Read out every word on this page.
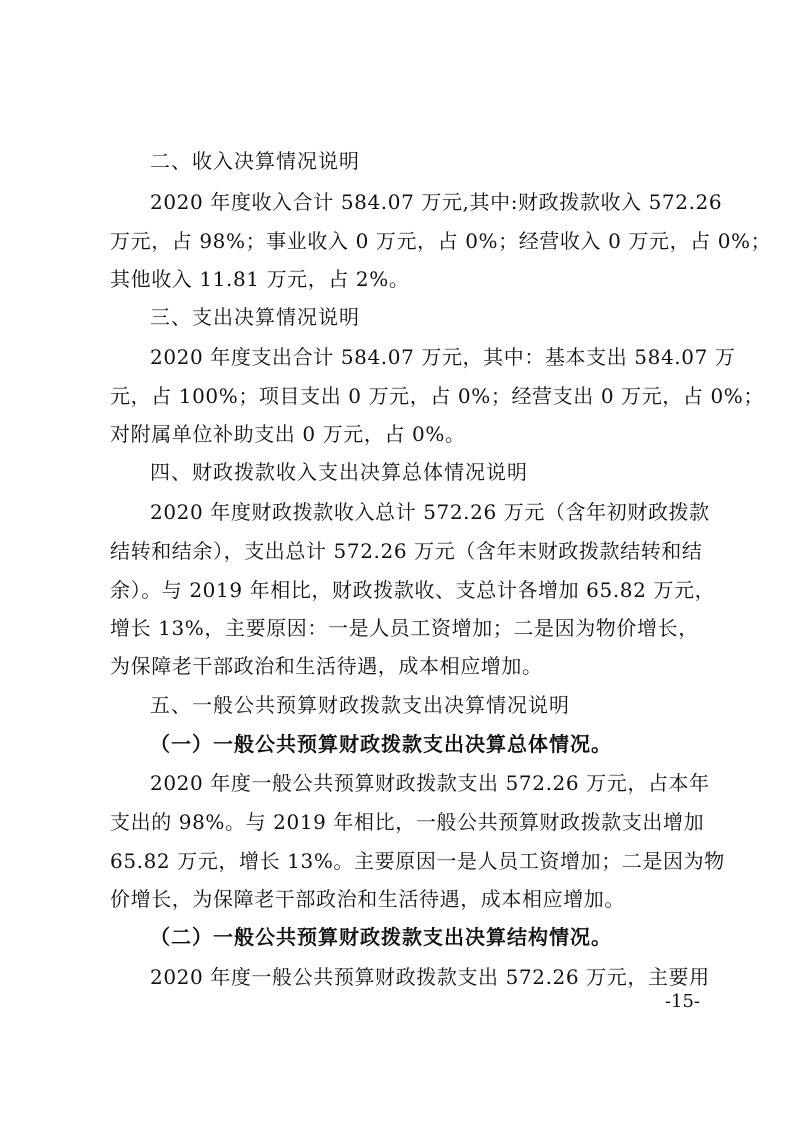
二、收入决算情况说明
2020 年度收入合计 584.07 万元,其中:财政拨款收入 572.26
万元，占 98%；事业收入 0 万元，占 0%；经营收入 0 万元，占 0%；
其他收入 11.81 万元，占 2%。
三、支出决算情况说明
2020 年度支出合计 584.07 万元，其中：基本支出 584.07 万
元，占 100%；项目支出 0 万元，占 0%；经营支出 0 万元，占 0%；
对附属单位补助支出 0 万元，占 0%。
四、财政拨款收入支出决算总体情况说明
2020 年度财政拨款收入总计 572.26 万元（含年初财政拨款
结转和结余），支出总计 572.26 万元（含年末财政拨款结转和结
余）。与 2019 年相比，财政拨款收、支总计各增加 65.82 万元，
增长 13%，主要原因：一是人员工资增加；二是因为物价增长，
为保障老干部政治和生活待遇，成本相应增加。
五、一般公共预算财政拨款支出决算情况说明
（一）一般公共预算财政拨款支出决算总体情况。
2020 年度一般公共预算财政拨款支出 572.26 万元，占本年
支出的 98%。与 2019 年相比，一般公共预算财政拨款支出增加
65.82 万元，增长 13%。主要原因一是人员工资增加；二是因为物
价增长，为保障老干部政治和生活待遇，成本相应增加。
（二）一般公共预算财政拨款支出决算结构情况。
2020 年度一般公共预算财政拨款支出 572.26 万元，主要用
-15-
